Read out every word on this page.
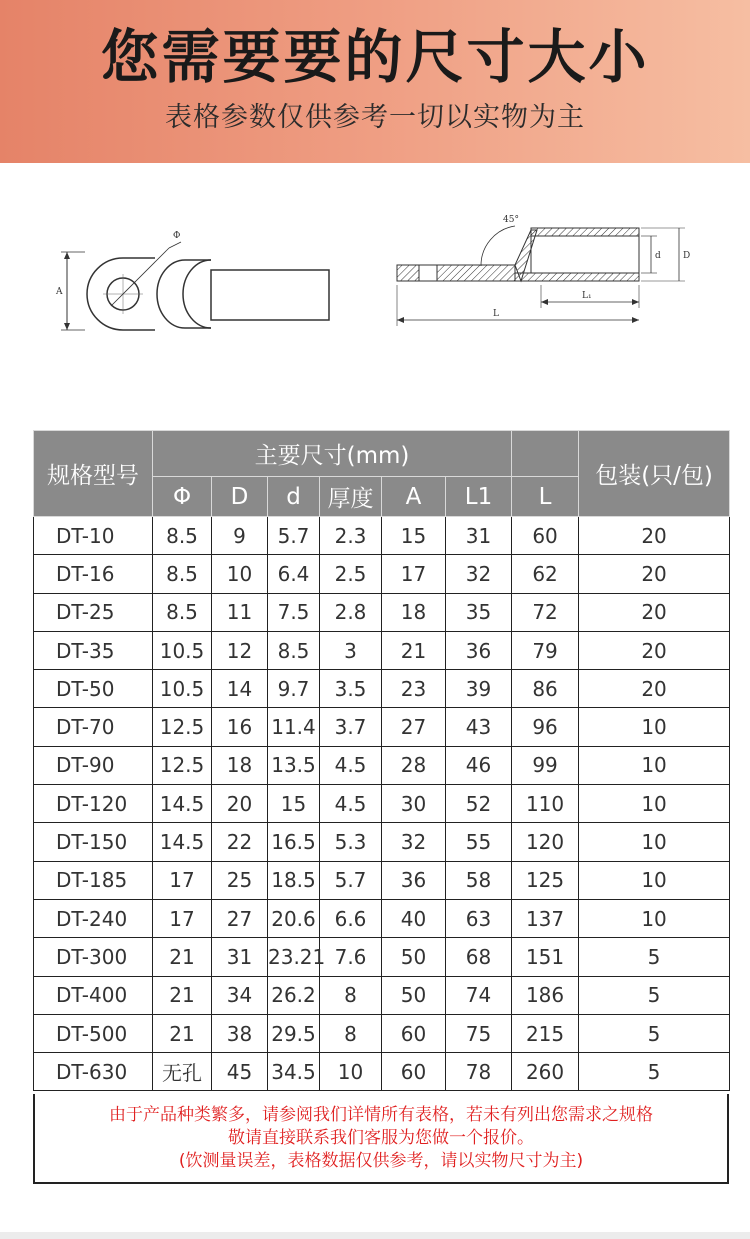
您需要要的尺寸大小
表格参数仅供参考一切以实物为主
A
Φ
45°
d D
L₁
L
规格型号	主要尺寸(mm)							包装(只/包)
	Φ	D	d	厚度	A	L1	L	
DT-10	8.5	9	5.7	2.3	15	31	60	20
DT-16	8.5	10	6.4	2.5	17	32	62	20
DT-25	8.5	11	7.5	2.8	18	35	72	20
DT-35	10.5	12	8.5	3	21	36	79	20
DT-50	10.5	14	9.7	3.5	23	39	86	20
DT-70	12.5	16	11.4	3.7	27	43	96	10
DT-90	12.5	18	13.5	4.5	28	46	99	10
DT-120	14.5	20	15	4.5	30	52	110	10
DT-150	14.5	22	16.5	5.3	32	55	120	10
DT-185	17	25	18.5	5.7	36	58	125	10
DT-240	17	27	20.6	6.6	40	63	137	10
DT-300	21	31	23.21	7.6	50	68	151	5
DT-400	21	34	26.2	8	50	74	186	5
DT-500	21	38	29.5	8	60	75	215	5
DT-630	无孔	45	34.5	10	60	78	260	5
由于产品种类繁多，请参阅我们详情所有表格，若未有列出您需求之规格
敬请直接联系我们客服为您做一个报价。
(饮测量误差，表格数据仅供参考，请以实物尺寸为主)
